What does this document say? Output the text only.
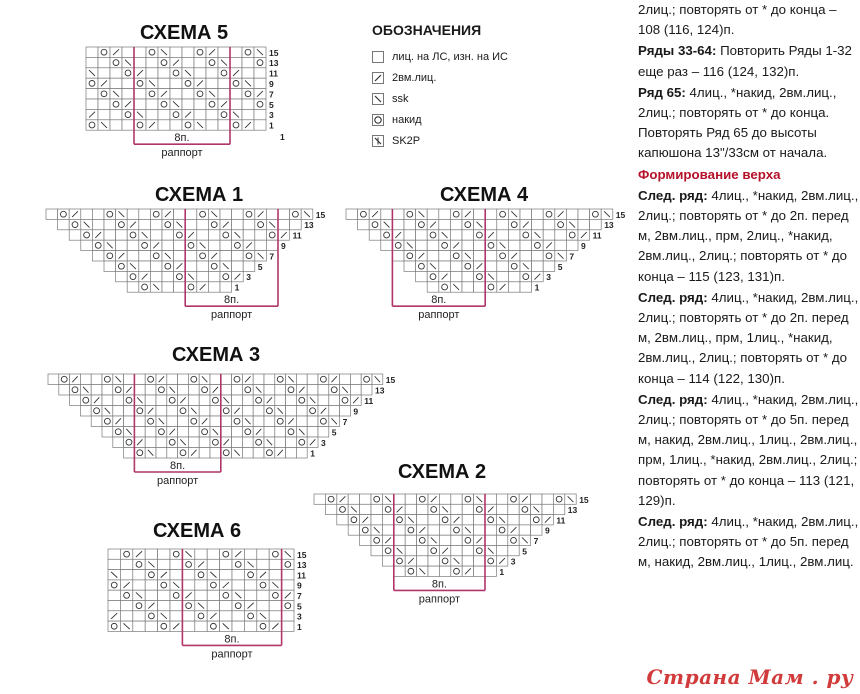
СХЕМА 5
15
13
11
9
7
5
3
1
1
8п.
раппорт
ОБОЗНАЧЕНИЯ
лиц. на ЛС, изн. на ИС
2вм.лиц.
ssk
накид
SK2P
СХЕМА 1
15
13
11
9
7
5
3
1
8п.
раппорт
СХЕМА 4
15
13
11
9
7
5
3
1
8п.
раппорт
СХЕМА 3
15
13
11
9
7
5
3
1
8п.
раппорт	СХЕМА 2
15
13
11
9
7
5
3
1
8п.
раппорт
СХЕМА 6
15
13
11
9
7
5
3
1
8п.
раппорт

2лиц.; повторять от * до конца – 108 (116, 124)п.

Ряды 33-64: Повторить Ряды 1-32 еще раз – 116 (124, 132)п.

Ряд 65: 4лиц., *накид, 2вм.лиц., 2лиц.; повторять от * до конца. Повторять Ряд 65 до высоты капюшона 13"/33см от начала.

Формирование верха

След. ряд: 4лиц., *накид, 2вм.лиц., 2лиц.; повторять от * до 2п. перед м, 2вм.лиц., прм, 2лиц., *накид, 2вм.лиц., 2лиц.; повторять от * до конца – 115 (123, 131)п.

След. ряд: 4лиц., *накид, 2вм.лиц., 2лиц.; повторять от * до 2п. перед м, 2вм.лиц., прм, 1лиц., *накид, 2вм.лиц., 2лиц.; повторять от * до конца – 114 (122, 130)п.

След. ряд: 4лиц., *накид, 2вм.лиц., 2лиц.; повторять от * до 5п. перед м, накид, 2вм.лиц., 1лиц., 2вм.лиц., прм, 1лиц., *накид, 2вм.лиц., 2лиц.; повторять от * до конца – 113 (121, 129)п.

След. ряд: 4лиц., *накид, 2вм.лиц., 2лиц.; повторять от * до 5п. перед м, накид, 2вм.лиц., 1лиц., 2вм.лиц.

Страна Мам . ру
